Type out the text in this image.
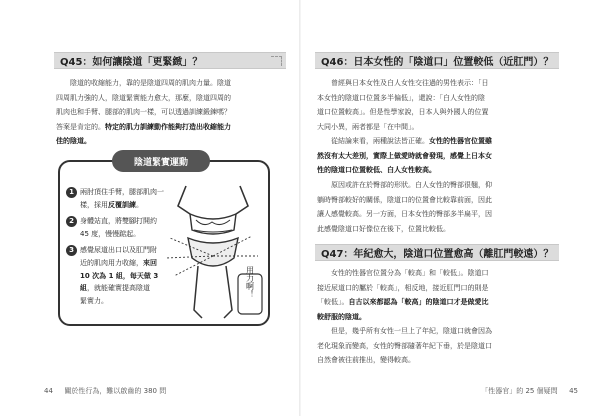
Q45：如何讓陰道「更緊緻」？
陰道的收縮能力，靠的是陰道四周的肌肉力量。陰道
四周肌力強的人，陰道緊實能力愈大，那麼，陰道四周的
肌肉也和手臂、腿部的肌肉一樣，可以透過訓練鍛鍊嗎？
答案是肯定的。特定的肌力訓練動作能夠打造出收縮能力
佳的陰道。
陰道緊實運動
1 兩肘頂住手臂，腿部肌肉一
樣，採用反覆訓練。
2 身體站直，將雙腳打開約
45 度，慢慢踮起。
3 感覺尿道出口以及肛門附
近的肌肉用力收縮，來回
10 次為 1 組，每天做 3
組，就能確實提高陰道
緊實力。
用力啊！
44 　 關於性行為，難以啟齒的 380 問
Q46：日本女性的「陰道口」位置較低（近肛門）？
曾經與日本女性及白人女性交往過的男性表示：「日
本女性的陰道口位置多半偏低」，還說：「白人女性的陰
道口位置較高」。但是性學家說，日本人與外國人的位置
大同小異，兩者都是「在中間」。
從結論來看，兩種說法皆正確。女性的性器官位置雖
然沒有太大差別，實際上做愛時就會發現，感覺上日本女
性的陰道口位置較低、白人女性較高。
原因或許在於臀部的形狀。白人女性的臀部很翹，仰
躺時臀部較好的關係，陰道口的位置會比較靠前面，因此
讓人感覺較高。另一方面，日本女性的臀部多半扁平，因
此感覺陰道口好像位在後下，位置比較低。
Q47：年紀愈大，陰道口位置愈高（離肛門較遠）？
女性的性器官位置分為「較高」和「較低」。陰道口
接近尿道口的屬於「較高」，相反地，接近肛門口的則是
「較低」。自古以來都認為「較高」的陰道口才是做愛比
較舒服的陰道。
但是，幾乎所有女性一旦上了年紀，陰道口就會因為
老化現象而變高，女性的臀部隨著年紀下垂，於是陰道口
自然會被往前推出，變得較高。
「性器官」的 25 個疑問 　 45
